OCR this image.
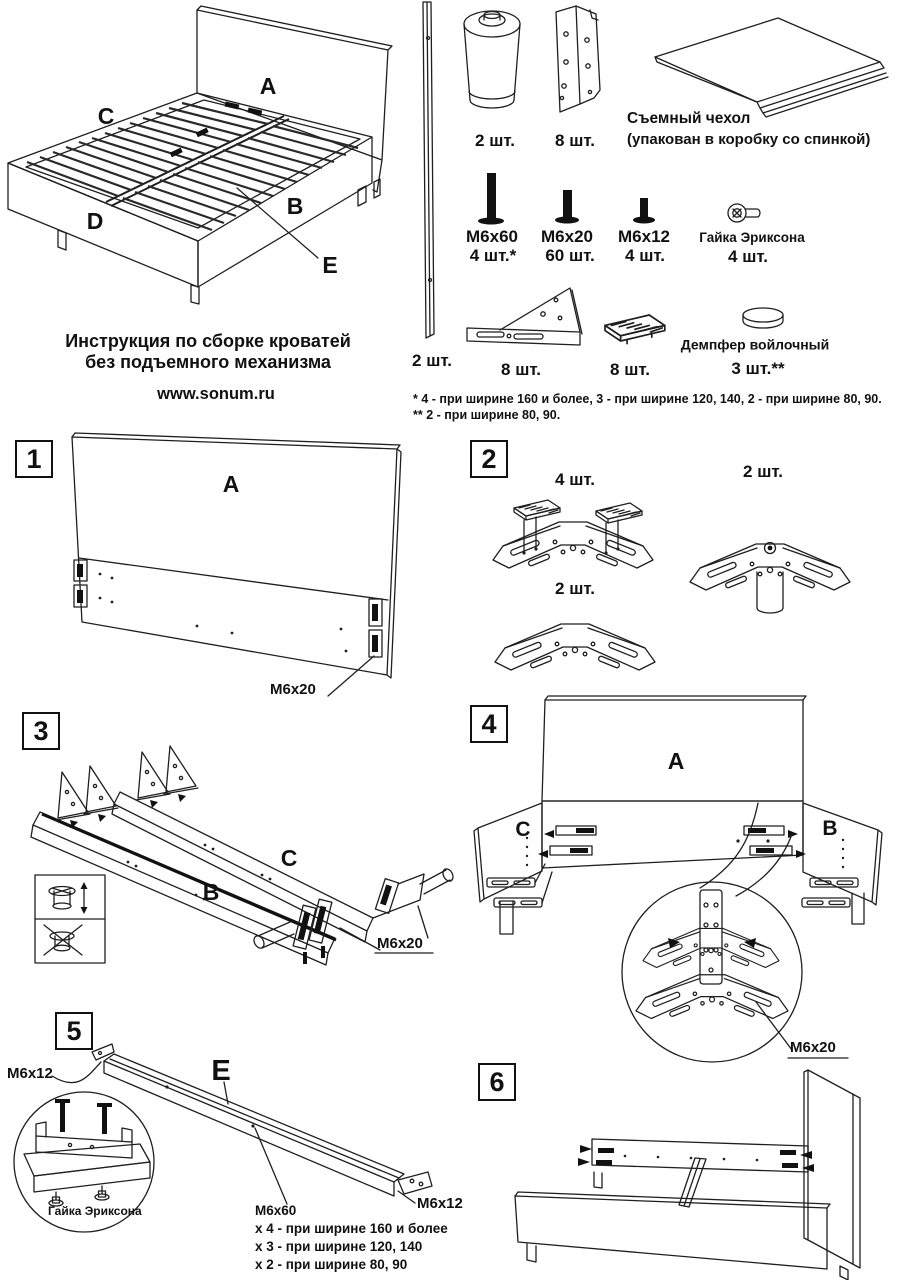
A
C
B
D
E
Инструкция по сборке кроватей
без подъемного механизма
www.sonum.ru
2 шт.
2 шт. 8 шт.
Съемный чехол
(упакован в коробку со спинкой)
M6x60
4 шт.*
M6x20
60 шт.
M6x12
4 шт.
Гайка Эриксона
4 шт.
8 шт.	8 шт.
Демпфер войлочный
3 шт.**
* 4 - при ширине 160 и более, 3 - при ширине 120, 140, 2 - при ширине 80, 90.
** 2 - при ширине 80, 90.
1	2
3	4
5
6
A
M6x20
4 шт.	2 шт.
2 шт.
B
C
M6x20
A
C	B
M6x20
M6x12	E
Гайка Эриксона	M6x60
x 4 - при ширине 160 и более
x 3 - при ширине 120, 140
x 2 - при ширине 80, 90
M6x12
